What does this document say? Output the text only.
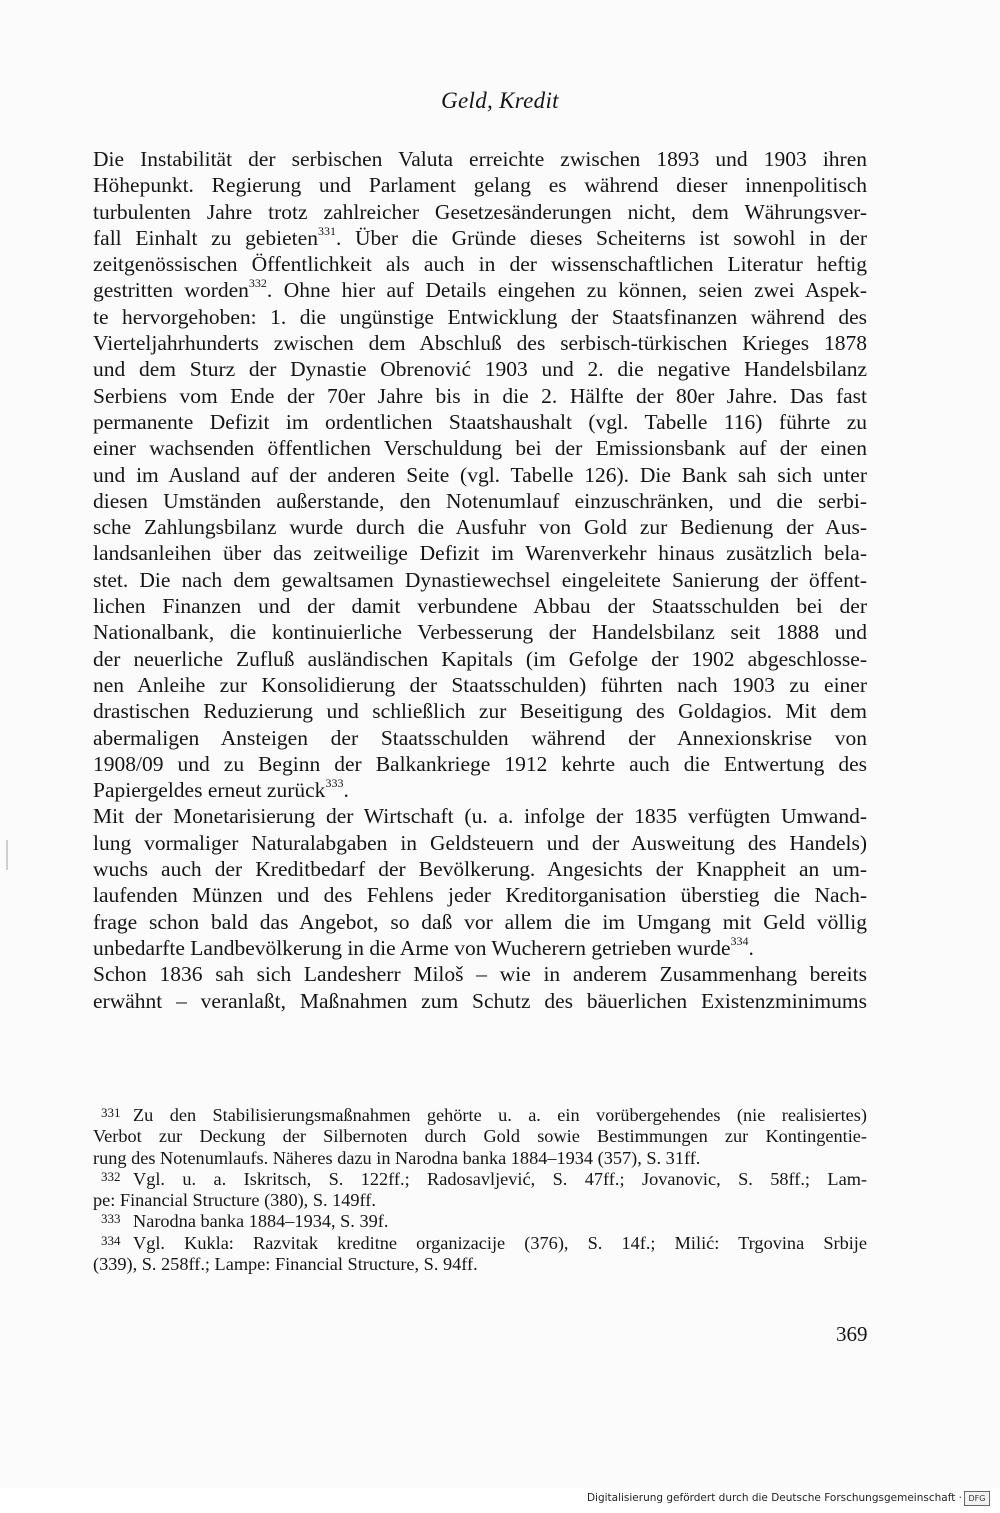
Geld, Kredit
Die Instabilität der serbischen Valuta erreichte zwischen 1893 und 1903 ihren
Höhepunkt. Regierung und Parlament gelang es während dieser innenpolitisch
turbulenten Jahre trotz zahlreicher Gesetzesänderungen nicht, dem Währungsver-
fall Einhalt zu gebieten$^{331}$. Über die Gründe dieses Scheiterns ist sowohl in der
zeitgenössischen Öffentlichkeit als auch in der wissenschaftlichen Literatur heftig
gestritten worden$^{332}$. Ohne hier auf Details eingehen zu können, seien zwei Aspek-
te hervorgehoben: 1. die ungünstige Entwicklung der Staatsfinanzen während des
Vierteljahrhunderts zwischen dem Abschluß des serbisch-türkischen Krieges 1878
und dem Sturz der Dynastie Obrenović 1903 und 2. die negative Handelsbilanz
Serbiens vom Ende der 70er Jahre bis in die 2. Hälfte der 80er Jahre. Das fast
permanente Defizit im ordentlichen Staatshaushalt (vgl. Tabelle 116) führte zu
einer wachsenden öffentlichen Verschuldung bei der Emissionsbank auf der einen
und im Ausland auf der anderen Seite (vgl. Tabelle 126). Die Bank sah sich unter
diesen Umständen außerstande, den Notenumlauf einzuschränken, und die serbi-
sche Zahlungsbilanz wurde durch die Ausfuhr von Gold zur Bedienung der Aus-
landsanleihen über das zeitweilige Defizit im Warenverkehr hinaus zusätzlich bela-
stet. Die nach dem gewaltsamen Dynastiewechsel eingeleitete Sanierung der öffent-
lichen Finanzen und der damit verbundene Abbau der Staatsschulden bei der
Nationalbank, die kontinuierliche Verbesserung der Handelsbilanz seit 1888 und
der neuerliche Zufluß ausländischen Kapitals (im Gefolge der 1902 abgeschlosse-
nen Anleihe zur Konsolidierung der Staatsschulden) führten nach 1903 zu einer
drastischen Reduzierung und schließlich zur Beseitigung des Goldagios. Mit dem
abermaligen Ansteigen der Staatsschulden während der Annexionskrise von
1908/09 und zu Beginn der Balkankriege 1912 kehrte auch die Entwertung des
Papiergeldes erneut zurück$^{333}$.
Mit der Monetarisierung der Wirtschaft (u. a. infolge der 1835 verfügten Umwand-
lung vormaliger Naturalabgaben in Geldsteuern und der Ausweitung des Handels)
wuchs auch der Kreditbedarf der Bevölkerung. Angesichts der Knappheit an um-
laufenden Münzen und des Fehlens jeder Kreditorganisation überstieg die Nach-
frage schon bald das Angebot, so daß vor allem die im Umgang mit Geld völlig
unbedarfte Landbevölkerung in die Arme von Wucherern getrieben wurde$^{334}$.
Schon 1836 sah sich Landesherr Miloš – wie in anderem Zusammenhang bereits
erwähnt – veranlaßt, Maßnahmen zum Schutz des bäuerlichen Existenzminimums
331 Zu den Stabilisierungsmaßnahmen gehörte u. a. ein vorübergehendes (nie realisiertes)
Verbot zur Deckung der Silbernoten durch Gold sowie Bestimmungen zur Kontingentie-
rung des Notenumlaufs. Näheres dazu in Narodna banka 1884–1934 (357), S. 31ff.
332 Vgl. u. a. Iskritsch, S. 122ff.; Radosavljević, S. 47ff.; Jovanovic, S. 58ff.; Lam-
pe: Financial Structure (380), S. 149ff.
333 Narodna banka 1884–1934, S. 39f.
334 Vgl. Kukla: Razvitak kreditne organizacije (376), S. 14f.; Milić: Trgovina Srbije
(339), S. 258ff.; Lampe: Financial Structure, S. 94ff.
369
Digitalisierung gefördert durch die Deutsche Forschungsgemeinschaft · DFG
